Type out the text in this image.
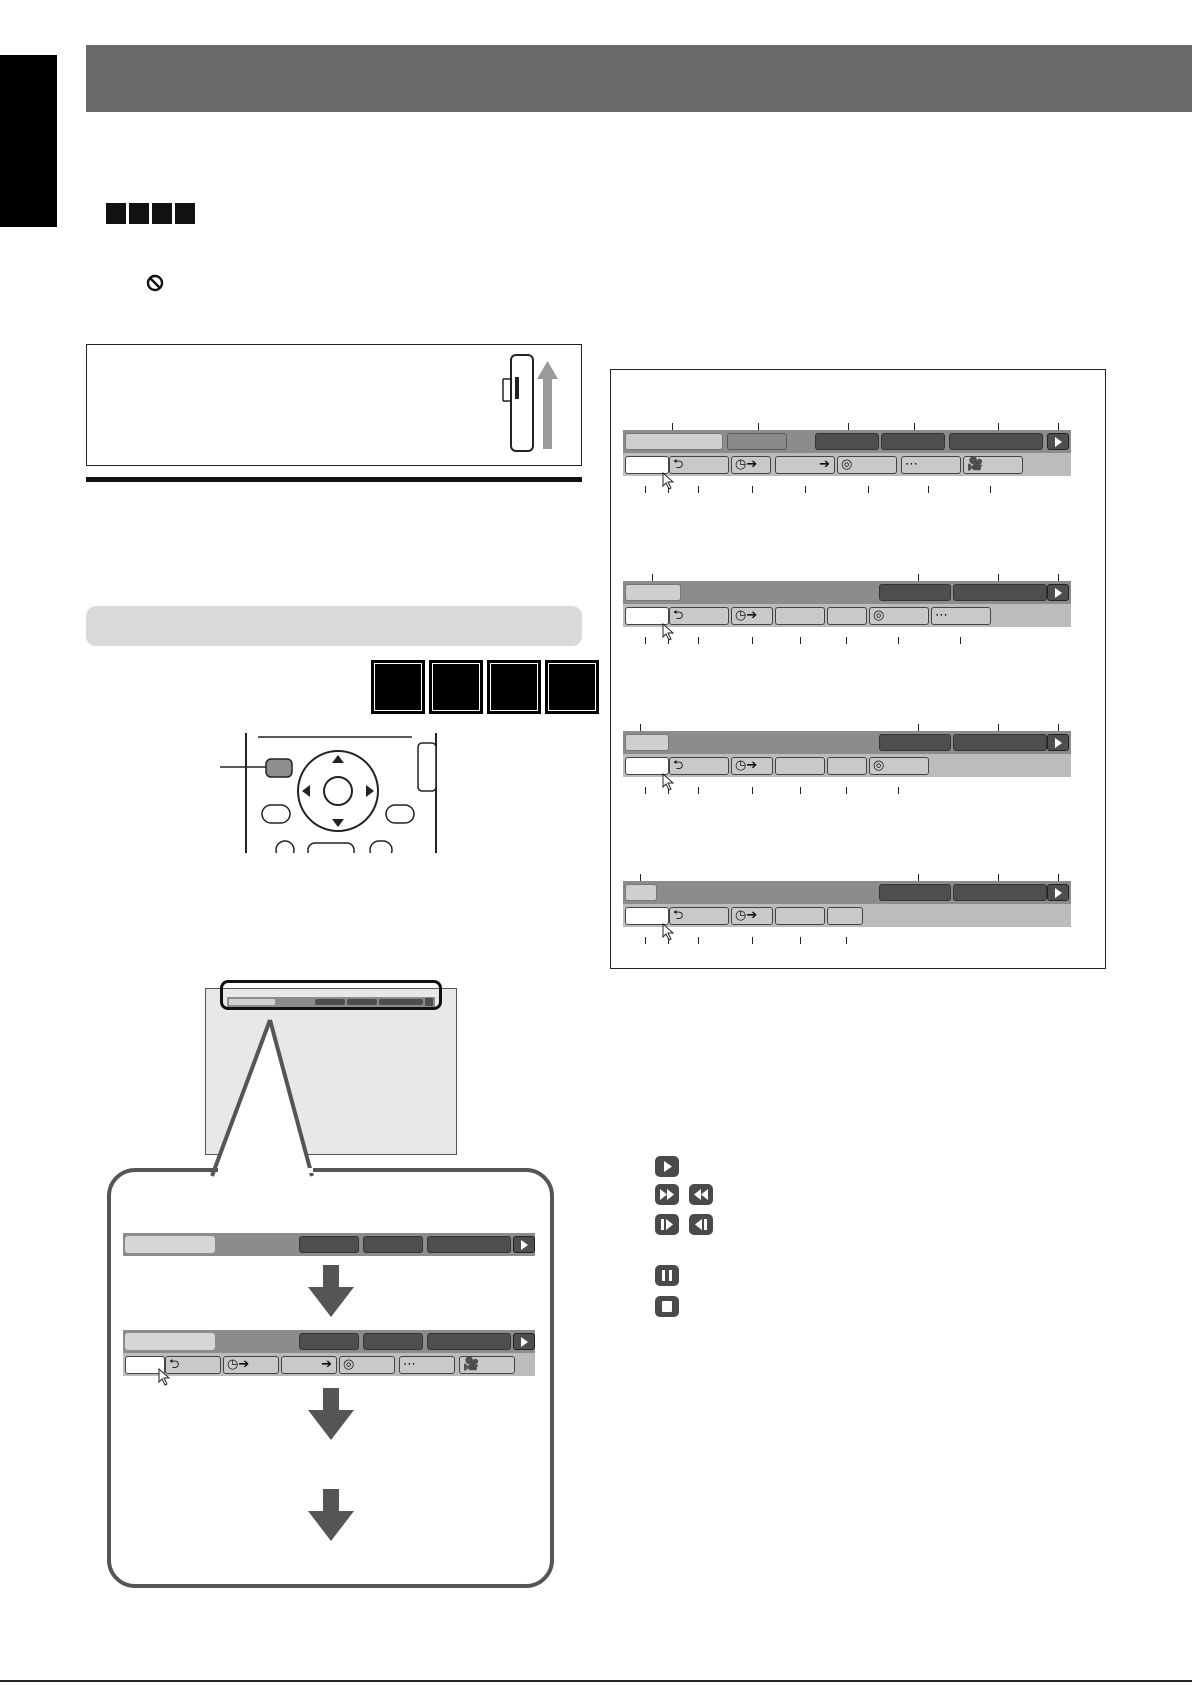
⮌	◷➔	➔ ◎	⋯	🎥
⮌	◷➔	➔ ◎	⋯	🎥
⮌	◷➔	◎	⋯
⮌	◷➔	◎
⮌	◷➔
